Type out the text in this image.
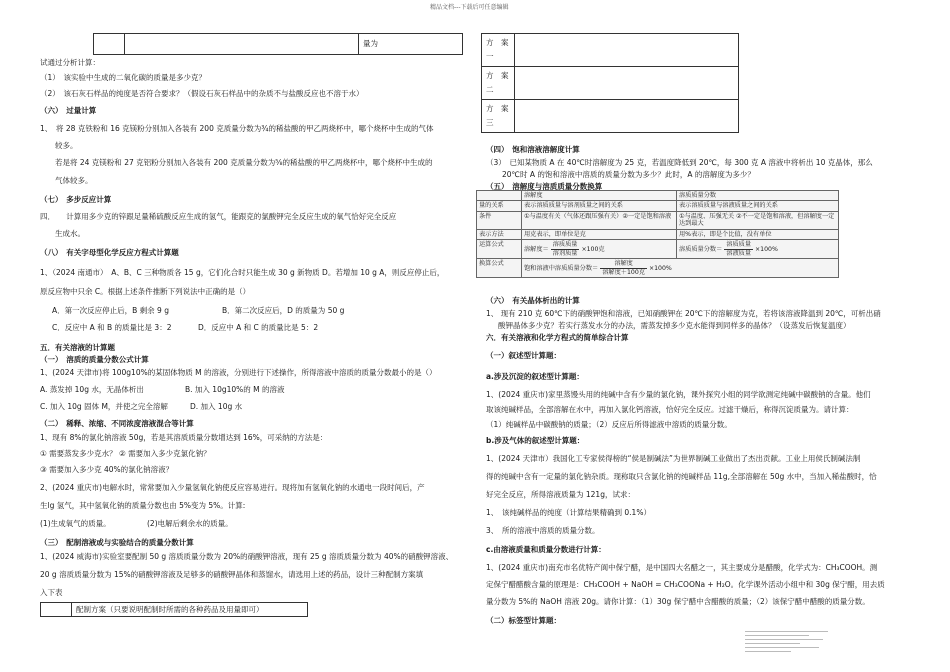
精品文档---下载后可任意编辑
		量为
试通过分析计算：
（1）　该实验中生成的二氧化碳的质量是多少克？
（2）　该石灰石样品的纯度是否符合要求？（假设石灰石样品中的杂质不与盐酸反应也不溶于水）
（六）　过量计算
1、　将 28 克铁粉和 16 克镁粉分别加入各装有 200 克质量分数为¾的稀盐酸的甲乙两烧杯中，哪个烧杯中生成的气体
较多。
若是将 24 克镁粉和 27 克铝粉分别加入各装有 200 克质量分数为⅝的稀盐酸的甲乙两烧杯中，哪个烧杯中生成的
气体较多。
（七）　多步反应计算
四．　　计算用多少克的锌跟足量稀硫酸反应生成的氢气，能跟克的氯酸钾完全反应生成的氧气恰好完全反应
生成水。
（八）　有关字母型化学反应方程式计算题
1、（2024 南通市）　A、B、C 三种物质各 15 g，它们化合时只能生成 30 g 新物质 D。若增加 10 g A，则反应停止后，
原反应物中只余 C。根据上述条件推断下列说法中正确的是（）
A．第一次反应停止后，B 剩余 9 g	B．第二次反应后，D 的质量为 50 g
C．反应中 A 和 B 的质量比是 3：2	D．反应中 A 和 C 的质量比是 5：2
五．有关溶液的计算题
（一）　溶质的质量分数公式计算
1、(2024 天津市)将 100g10%的某固体物质 M 的溶液，分别进行下述操作，所得溶液中溶质的质量分数最小的是（）
A. 蒸发掉 10g 水，无晶体析出	B. 加入 10g10%的 M 的溶液
C. 加入 10g 固体 M，并使之完全溶解	D. 加入 10g 水
（二）　稀释、浓缩、不同浓度溶液混合等计算
1、现有 8%的氯化钠溶液 50g，若是其溶质质量分数增达到 16%，可采纳的方法是：
① 需要蒸发多少克水？ ② 需要加入多少克氯化钠？
③ 需要加入多少克 40%的氯化钠溶液？
2、(2024 重庆市)电解水时，常常要加入少量氢氧化钠使反应容易进行。现将加有氢氧化钠的水通电一段时间后，产
生lg 氢气，其中氢氧化钠的质量分数也由 5%变为 5%。计算:
(1)生成氧气的质量。	(2)电解后剩余水的质量。
（三）　配制溶液或与实验结合的质量分数计算
1、(2024 威海市)实验室要配制 50 g 溶质质量分数为 20%的硝酸钾溶液，现有 25 g 溶质质量分数为 40%的硝酸钾溶液、
20 g 溶质质量分数为 15%的硝酸钾溶液及足够多的硝酸钾晶体和蒸馏水，请选用上述的药品，设计三种配制方案填
入下表
	配制方案（只要说明配制时所需的各种药品及用量即可）
方　案　一	
方　案　二	
方　案　三	
（四）　饱和溶液溶解度计算
（3）　已知某物质 A 在 40℃时溶解度为 25 克，若温度降低到 20℃，每 300 克 A 溶液中将析出 10 克晶体，那么
20℃时 A 的饱和溶液中溶质的质量分数为多少？此时，A 的溶解度为多少？
（五）　溶解度与溶质质量分数换算
	溶解度	溶质质量分数
量的关系	表示溶质质量与溶剂质量之间的关系	表示溶质质量与溶液质量之间的关系
条件	①与温度有关（气体还跟压强有关）②一定是饱和溶液	①与温度、压强无关 ②不一定是饱和溶液，但溶解度一定达到最大
表示方法	用克表示，即单位是克	用%表示，即是个比值，没有单位
运算公式	溶解度＝ $\frac{\text{溶质质量}}{\text{溶剂质量}} \times 100$克	溶质质量分数＝ $\frac{\text{溶质质量}}{\text{溶液质量}} \times 100\%$
换算公式	饱和溶液中溶质质量分数＝ $\frac{\text{溶解度}}{\text{溶解度＋100克}} \times 100\%$	
（六）　有关晶体析出的计算
1、 现有 210 克 60℃下的硝酸钾饱和溶液，已知硝酸钾在 20℃下的溶解度为克，若将该溶液降温到 20℃，可析出硝
酸钾晶体多少克？若实行蒸发水分的办法，需蒸发掉多少克水能得到同样多的晶体？（设蒸发后恢复温度）
六．有关溶液和化学方程式的简单综合计算
（一）叙述型计算题：
a.涉及沉淀的叙述型计算题：
1、(2024 重庆市)家里蒸馒头用的纯碱中含有少量的氯化钠，课外探究小组的同学欲测定纯碱中碳酸钠的含量。他们
取该纯碱样品，全部溶解在水中，再加入氯化钙溶液，恰好完全反应。过滤干燥后，称得沉淀质量为。请计算：
（1）纯碱样品中碳酸钠的质量；（2）反应后所得滤液中溶质的质量分数。
b.涉及气体的叙述型计算题：
1、(2024 天津市）我国化工专家侯得榜的“侯是制碱法”为世界制碱工业做出了杰出贡献。工业上用侯氏制碱法制
得的纯碱中含有一定量的氯化钠杂质。现称取只含氯化钠的纯碱样品 11g,全部溶解在 50g 水中，当加入稀盐酸时，恰
好完全反应，所得溶液质量为 121g，试求：
1、　该纯碱样品的纯度（计算结果精确到 0.1%）
3、　所的溶液中溶质的质量分数。
c.由溶液质量和质量分数进行计算：
1、(2024 重庆市)南充市名优特产阆中保宁醋，是中国四大名醋之一，其主要成分是醋酸，化学式为：CH₃COOH。测
定保宁醋醋酸含量的原理是：CH₃COOH + NaOH = CH₃COONa + H₂O。化学课外活动小组中和 30g 保宁醋，用去质
量分数为 5%的 NaOH 溶液 20g。请你计算：（1）30g 保宁醋中含醋酸的质量；（2）该保宁醋中醋酸的质量分数。
（二）标签型计算题：
